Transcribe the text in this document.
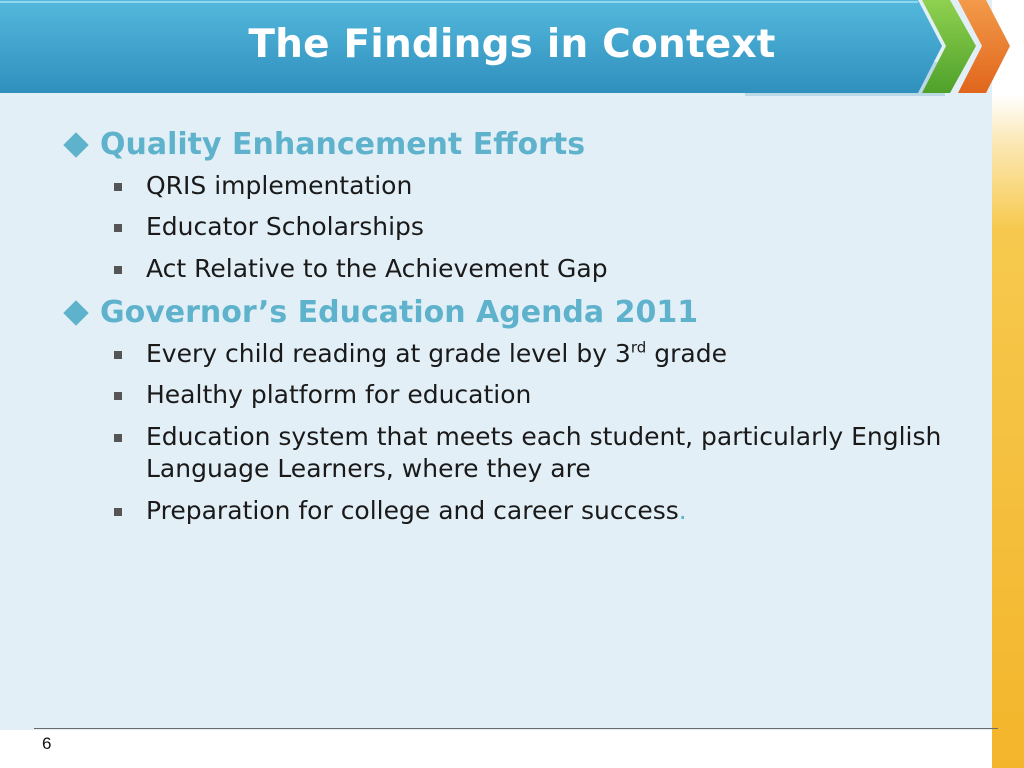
The Findings in Context
Quality Enhancement Efforts
QRIS implementation
Educator Scholarships
Act Relative to the Achievement Gap
Governor’s Education Agenda 2011
Every child reading at grade level by 3rd grade
Healthy platform for education
Education system that meets each student, particularly English Language Learners, where they are
Preparation for college and career success.
6
